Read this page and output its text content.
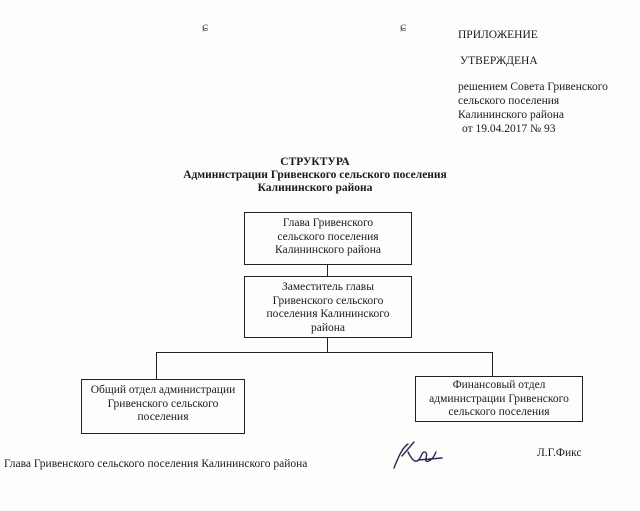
ɕ	ɕ	ПРИЛОЖЕНИЕ
УТВЕРЖДЕНА
решением Совета Гривенского
сельского поселения
Калининского района
от 19.04.2017 № 93
СТРУКТУРА
Администрации Гривенского сельского поселения
Калининского района
Глава Гривенского
сельского поселения
Калининского района
Заместитель главы
Гривенского сельского
поселения Калининского
района
Общий отдел администрации
Гривенского сельского
поселения
Финансовый отдел
администрации Гривенского
сельского поселения
Глава Гривенского сельского поселения Калининского района
Л.Г.Фикс
